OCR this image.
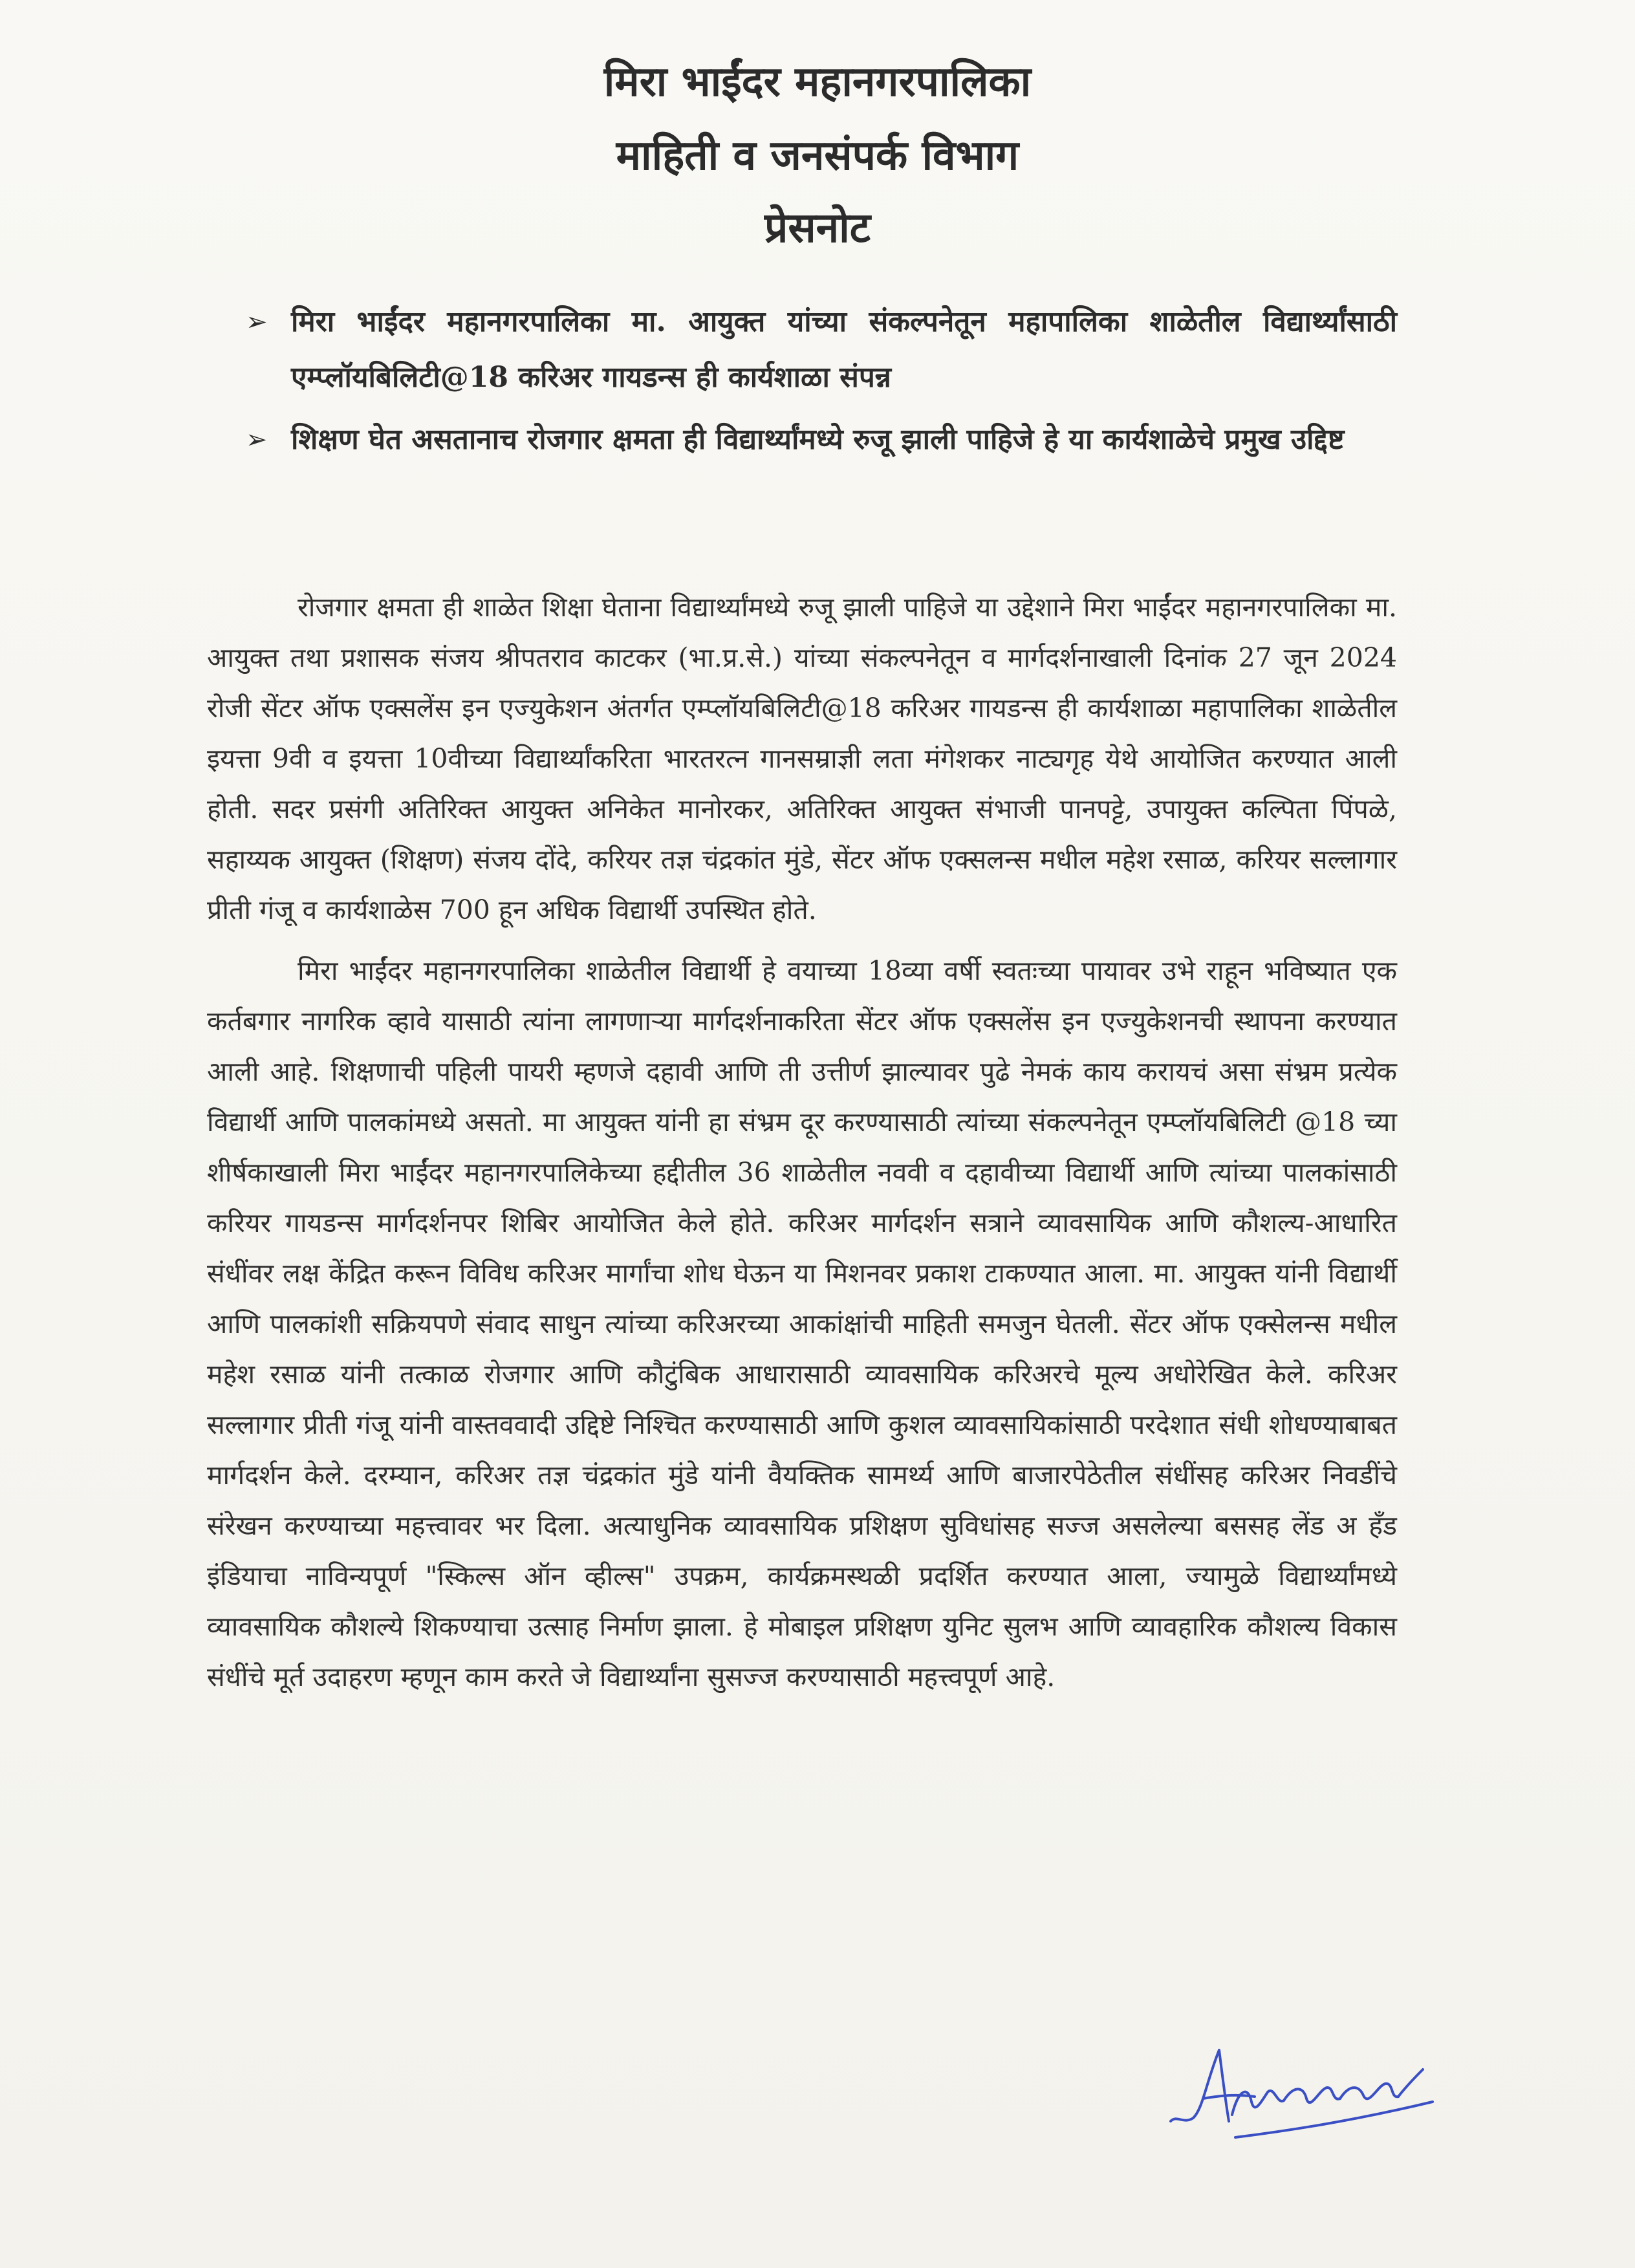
मिरा भाईंदर महानगरपालिका
माहिती व जनसंपर्क विभाग
प्रेसनोट
➢ मिरा भाईंदर महानगरपालिका मा. आयुक्त यांच्या संकल्पनेतून महापालिका शाळेतील विद्यार्थ्यांसाठी एम्प्लॉयबिलिटी@18 करिअर गायडन्स ही कार्यशाळा संपन्न
➢ शिक्षण घेत असतानाच रोजगार क्षमता ही विद्यार्थ्यांमध्ये रुजू झाली पाहिजे हे या कार्यशाळेचे प्रमुख उद्दिष्ट

रोजगार क्षमता ही शाळेत शिक्षा घेताना विद्यार्थ्यांमध्ये रुजू झाली पाहिजे या उद्देशाने मिरा भाईंदर महानगरपालिका मा. आयुक्त तथा प्रशासक संजय श्रीपतराव काटकर (भा.प्र.से.) यांच्या संकल्पनेतून व मार्गदर्शनाखाली दिनांक 27 जून 2024 रोजी सेंटर ऑफ एक्सलेंस इन एज्युकेशन अंतर्गत एम्प्लॉयबिलिटी@18 करिअर गायडन्स ही कार्यशाळा महापालिका शाळेतील इयत्ता 9वी व इयत्ता 10वीच्या विद्यार्थ्यांकरिता भारतरत्न गानसम्राज्ञी लता मंगेशकर नाट्यगृह येथे आयोजित करण्यात आली होती. सदर प्रसंगी अतिरिक्त आयुक्त अनिकेत मानोरकर, अतिरिक्त आयुक्त संभाजी पानपट्टे, उपायुक्त कल्पिता पिंपळे, सहाय्यक आयुक्त (शिक्षण) संजय दोंदे, करियर तज्ञ चंद्रकांत मुंडे, सेंटर ऑफ एक्सलन्स मधील महेश रसाळ, करियर सल्लागार प्रीती गंजू व कार्यशाळेस 700 हून अधिक विद्यार्थी उपस्थित होते.

मिरा भाईंदर महानगरपालिका शाळेतील विद्यार्थी हे वयाच्या 18व्या वर्षी स्वतःच्या पायावर उभे राहून भविष्यात एक कर्तबगार नागरिक व्हावे यासाठी त्यांना लागणाऱ्या मार्गदर्शनाकरिता सेंटर ऑफ एक्सलेंस इन एज्युकेशनची स्थापना करण्यात आली आहे. शिक्षणाची पहिली पायरी म्हणजे दहावी आणि ती उत्तीर्ण झाल्यावर पुढे नेमकं काय करायचं असा संभ्रम प्रत्येक विद्यार्थी आणि पालकांमध्ये असतो. मा आयुक्त यांनी हा संभ्रम दूर करण्यासाठी त्यांच्या संकल्पनेतून एम्प्लॉयबिलिटी @18 च्या शीर्षकाखाली मिरा भाईंदर महानगरपालिकेच्या हद्दीतील 36 शाळेतील नववी व दहावीच्या विद्यार्थी आणि त्यांच्या पालकांसाठी करियर गायडन्स मार्गदर्शनपर शिबिर आयोजित केले होते. करिअर मार्गदर्शन सत्राने व्यावसायिक आणि कौशल्य-आधारित संधींवर लक्ष केंद्रित करून विविध करिअर मार्गांचा शोध घेऊन या मिशनवर प्रकाश टाकण्यात आला. मा. आयुक्त यांनी विद्यार्थी आणि पालकांशी सक्रियपणे संवाद साधुन त्यांच्या करिअरच्या आकांक्षांची माहिती समजुन घेतली. सेंटर ऑफ एक्सेलन्स मधील महेश रसाळ यांनी तत्काळ रोजगार आणि कौटुंबिक आधारासाठी व्यावसायिक करिअरचे मूल्य अधोरेखित केले. करिअर सल्लागार प्रीती गंजू यांनी वास्तववादी उद्दिष्टे निश्चित करण्यासाठी आणि कुशल व्यावसायिकांसाठी परदेशात संधी शोधण्याबाबत मार्गदर्शन केले. दरम्यान, करिअर तज्ञ चंद्रकांत मुंडे यांनी वैयक्तिक सामर्थ्य आणि बाजारपेठेतील संधींसह करिअर निवडींचे संरेखन करण्याच्या महत्त्वावर भर दिला. अत्याधुनिक व्यावसायिक प्रशिक्षण सुविधांसह सज्ज असलेल्या बससह लेंड अ हँड इंडियाचा नाविन्यपूर्ण "स्किल्स ऑन व्हील्स" उपक्रम, कार्यक्रमस्थळी प्रदर्शित करण्यात आला, ज्यामुळे विद्यार्थ्यांमध्ये व्यावसायिक कौशल्ये शिकण्याचा उत्साह निर्माण झाला. हे मोबाइल प्रशिक्षण युनिट सुलभ आणि व्यावहारिक कौशल्य विकास संधींचे मूर्त उदाहरण म्हणून काम करते जे विद्यार्थ्यांना सुसज्ज करण्यासाठी महत्त्वपूर्ण आहे.
